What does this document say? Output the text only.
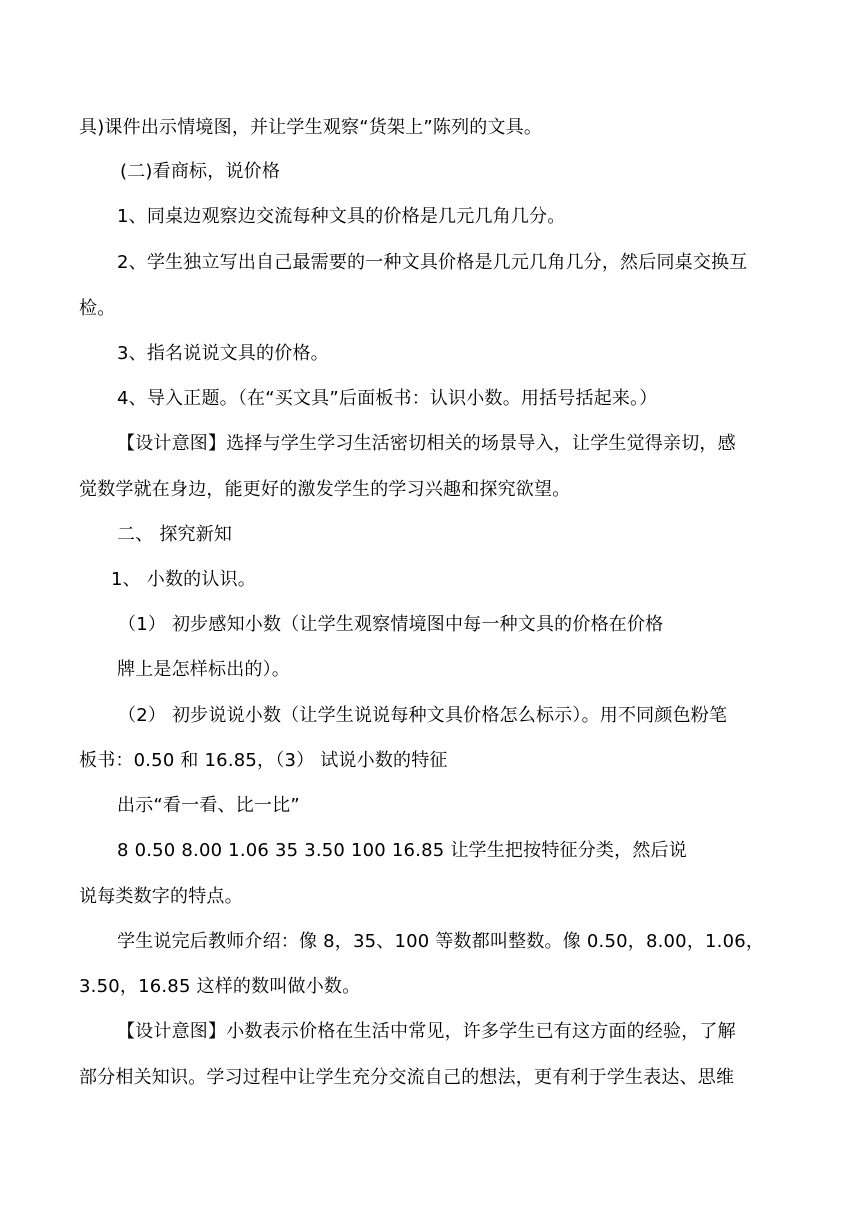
具)课件出示情境图，并让学生观察“货架上”陈列的文具。
(二)看商标，说价格
1、同桌边观察边交流每种文具的价格是几元几角几分。
2、学生独立写出自己最需要的一种文具价格是几元几角几分，然后同桌交换互
检。
3、指名说说文具的价格。
4、导入正题。（在“买文具”后面板书：认识小数。用括号括起来。）
【设计意图】选择与学生学习生活密切相关的场景导入，让学生觉得亲切，感
觉数学就在身边，能更好的激发学生的学习兴趣和探究欲望。
二、 探究新知
1、 小数的认识。
（1） 初步感知小数（让学生观察情境图中每一种文具的价格在价格
牌上是怎样标出的）。
（2） 初步说说小数（让学生说说每种文具价格怎么标示）。用不同颜色粉笔
板书：0.50 和 16.85，（3） 试说小数的特征
出示“看一看、比一比”
8 0.50 8.00 1.06 35 3.50 100 16.85 让学生把按特征分类，然后说
说每类数字的特点。
学生说完后教师介绍：像 8，35、100 等数都叫整数。像 0.50，8.00，1.06，
3.50，16.85 这样的数叫做小数。
【设计意图】小数表示价格在生活中常见，许多学生已有这方面的经验，了解
部分相关知识。学习过程中让学生充分交流自己的想法，更有利于学生表达、思维
